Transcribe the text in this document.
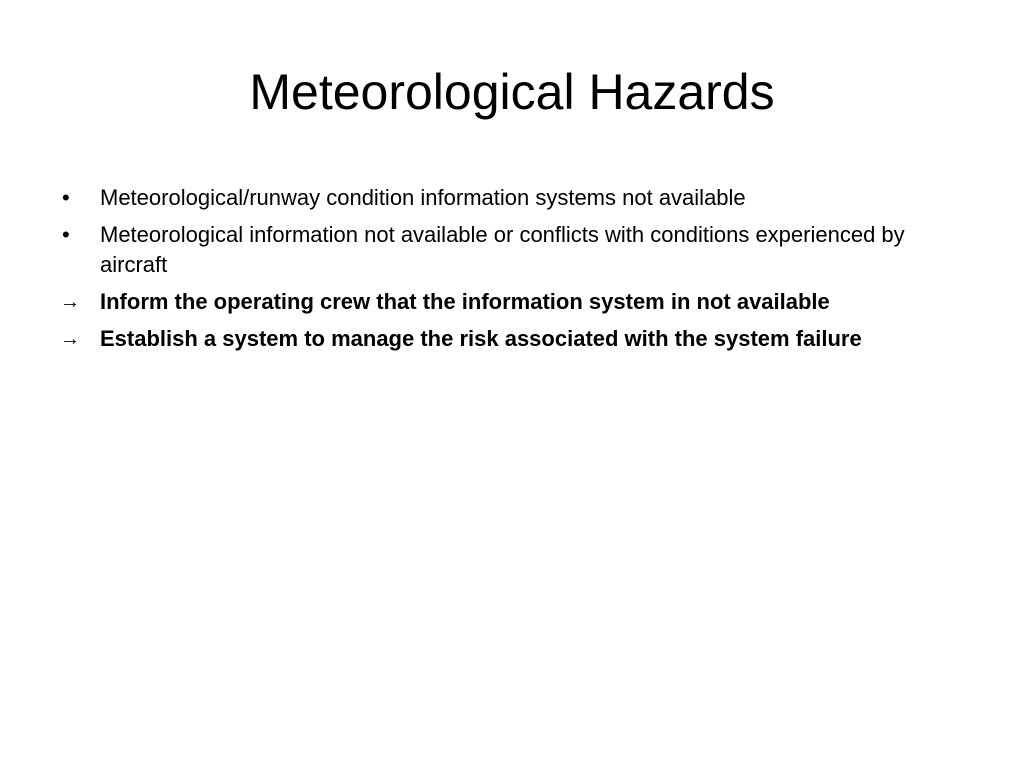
Meteorological Hazards
•	Meteorological/runway condition information systems not available
•	Meteorological information not available or conflicts with conditions experienced by aircraft
→ Inform the operating crew that the information system in not available
→ Establish a system to manage the risk associated with the system failure
